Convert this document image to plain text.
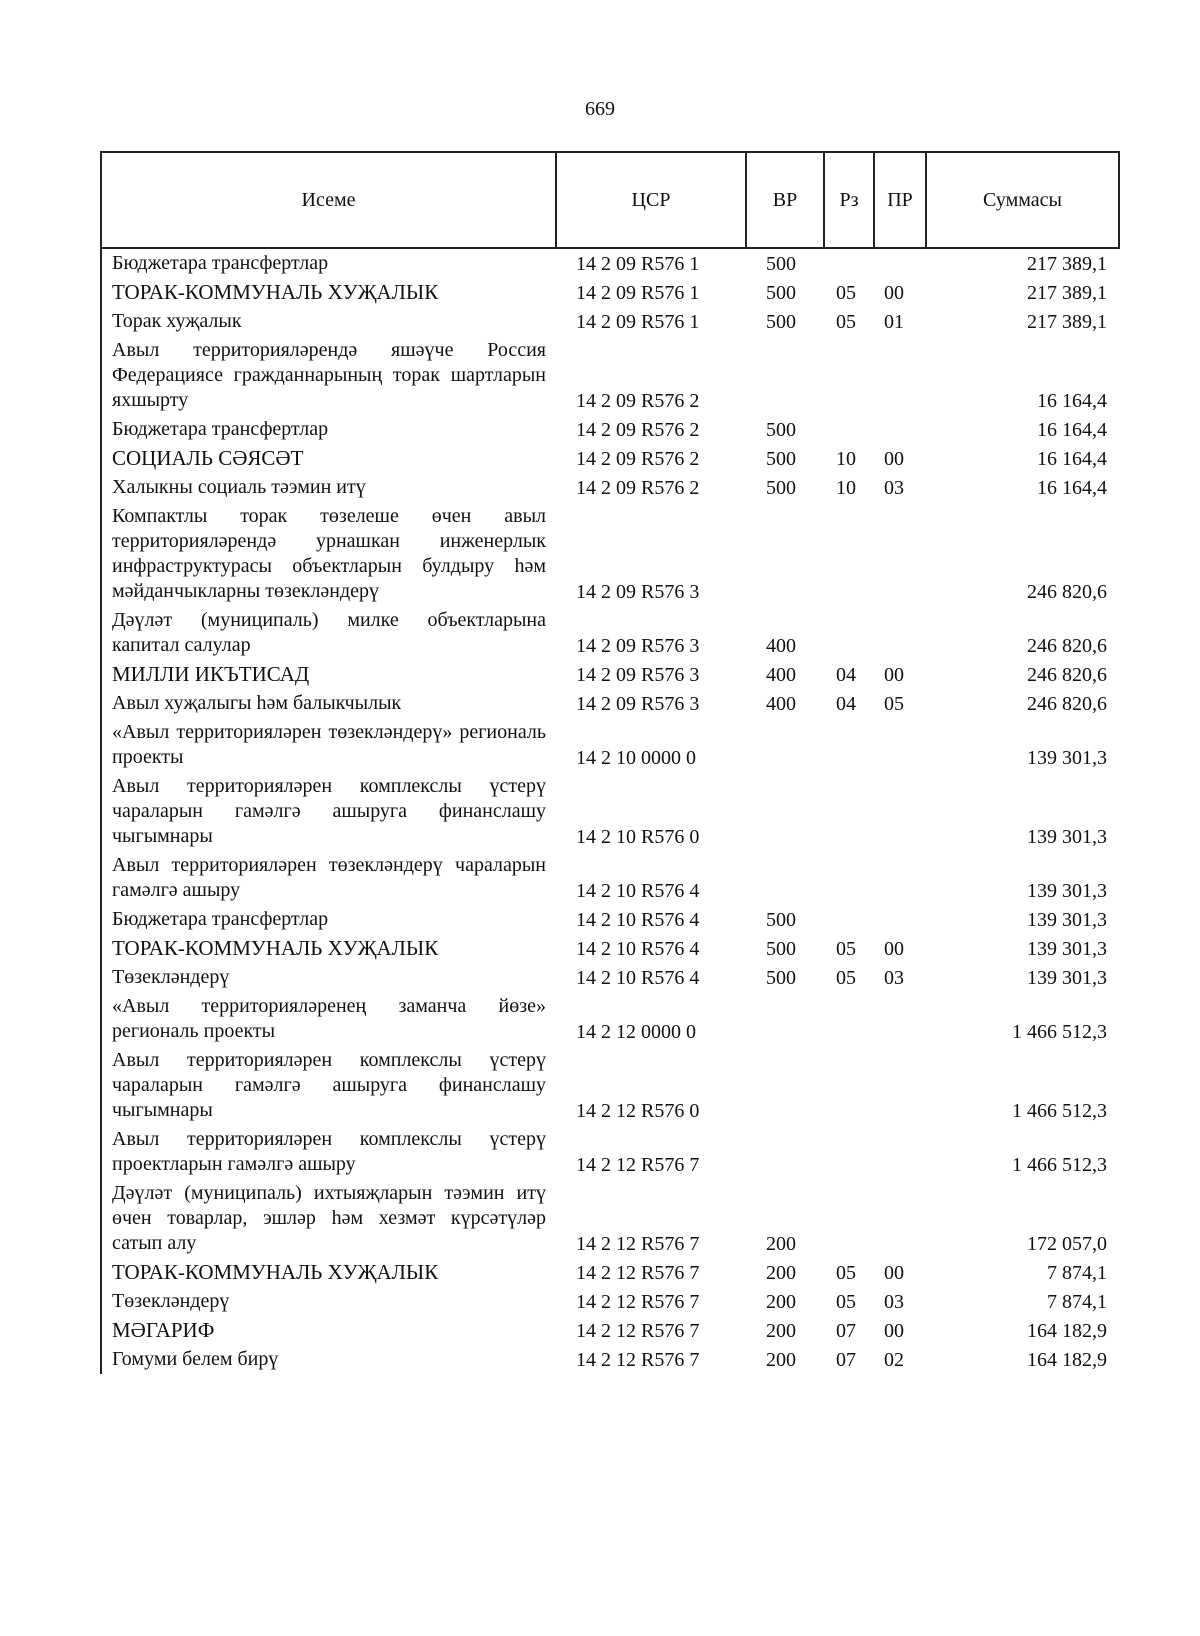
669
Исеме	ЦСР	ВР	Рз	ПР	Суммасы
Бюджетара трансфертлар	14 2 09 R576 1	500			217 389,1
ТОРАК-КОММУНАЛЬ ХУҖАЛЫК	14 2 09 R576 1	500	05	00	217 389,1
Торак хуҗалык	14 2 09 R576 1	500	05	01	217 389,1
Авыл территорияләрендә яшәүче Россия Федерациясе гражданнарының торак шартларын яхшырту	14 2 09 R576 2				16 164,4
Бюджетара трансфертлар	14 2 09 R576 2	500			16 164,4
СОЦИАЛЬ СӘЯСӘТ	14 2 09 R576 2	500	10	00	16 164,4
Халыкны социаль тәэмин итү	14 2 09 R576 2	500	10	03	16 164,4
Компактлы торак төзелеше өчен авыл территорияләрендә урнашкан инженерлык инфраструктурасы объектларын булдыру һәм мәйданчыкларны төзекләндерү	14 2 09 R576 3				246 820,6
Дәүләт (муниципаль) милке объектларына капитал салулар	14 2 09 R576 3	400			246 820,6
МИЛЛИ ИКЪТИСАД	14 2 09 R576 3	400	04	00	246 820,6
Авыл хуҗалыгы һәм балыкчылык	14 2 09 R576 3	400	04	05	246 820,6
«Авыл территорияләрен төзекләндерү» региональ проекты	14 2 10 0000 0				139 301,3
Авыл территорияләрен комплекслы үстерү чараларын гамәлгә ашыруга финанслашу чыгымнары	14 2 10 R576 0				139 301,3
Авыл территорияләрен төзекләндерү чараларын гамәлгә ашыру	14 2 10 R576 4				139 301,3
Бюджетара трансфертлар	14 2 10 R576 4	500			139 301,3
ТОРАК-КОММУНАЛЬ ХУҖАЛЫК	14 2 10 R576 4	500	05	00	139 301,3
Төзекләндерү	14 2 10 R576 4	500	05	03	139 301,3
«Авыл территорияләренең заманча йөзе» региональ проекты	14 2 12 0000 0				1 466 512,3
Авыл территорияләрен комплекслы үстерү чараларын гамәлгә ашыруга финанслашу чыгымнары	14 2 12 R576 0				1 466 512,3
Авыл территорияләрен комплекслы үстерү проектларын гамәлгә ашыру	14 2 12 R576 7				1 466 512,3
Дәүләт (муниципаль) ихтыяҗларын тәэмин итү өчен товарлар, эшләр һәм хезмәт күрсәтүләр сатып алу	14 2 12 R576 7	200			172 057,0
ТОРАК-КОММУНАЛЬ ХУҖАЛЫК	14 2 12 R576 7	200	05	00	7 874,1
Төзекләндерү	14 2 12 R576 7	200	05	03	7 874,1
МӘГАРИФ	14 2 12 R576 7	200	07	00	164 182,9
Гомуми белем бирү	14 2 12 R576 7	200	07	02	164 182,9
